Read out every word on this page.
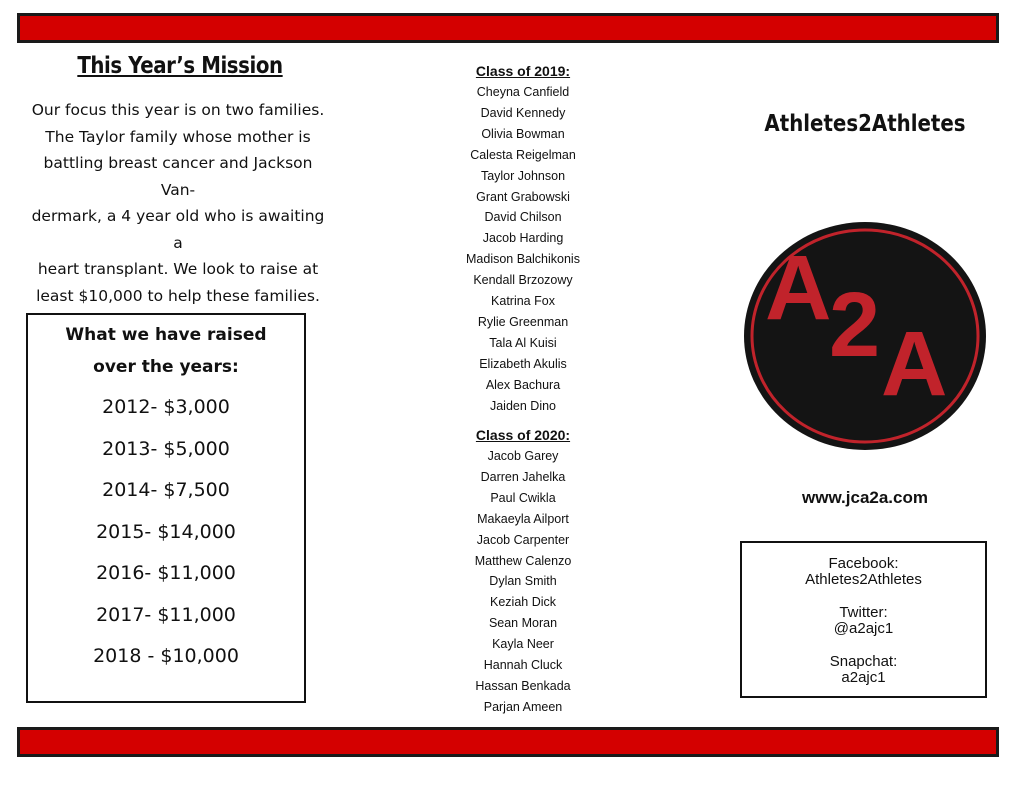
This Year’s Mission
Our focus this year is on two families.
The Taylor family whose mother is
battling breast cancer and Jackson Van-
dermark, a 4 year old who is awaiting a
heart transplant. We look to raise at
least $10,000 to help these families.
What we have raised
over the years:
2012- $3,000
2013- $5,000
2014- $7,500
2015- $14,000
2016- $11,000
2017- $11,000
2018 - $10,000
Class of 2019:
Cheyna Canfield
David Kennedy
Olivia Bowman
Calesta Reigelman
Taylor Johnson
Grant Grabowski
David Chilson
Jacob Harding
Madison Balchikonis
Kendall Brzozowy
Katrina Fox
Rylie Greenman
Tala Al Kuisi
Elizabeth Akulis
Alex Bachura
Jaiden Dino
Class of 2020:
Jacob Garey
Darren Jahelka
Paul Cwikla
Makaeyla Ailport
Jacob Carpenter
Matthew Calenzo
Dylan Smith
Keziah Dick
Sean Moran
Kayla Neer
Hannah Cluck
Hassan Benkada
Parjan Ameen
Athletes2Athletes
A
2 A
www.jca2a.com
Facebook:
Athletes2Athletes
Twitter:
@a2ajc1
Snapchat:
a2ajc1
